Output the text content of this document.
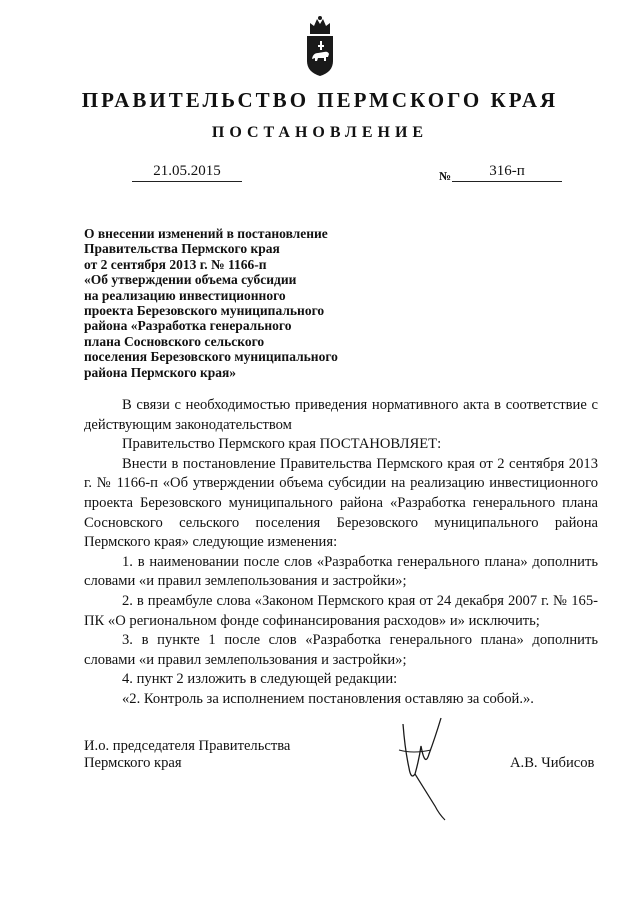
ПРАВИТЕЛЬСТВО ПЕРМСКОГО КРАЯ
ПОСТАНОВЛЕНИЕ
21.05.2015	№	316-п
О внесении изменений в постановление
Правительства Пермского края
от 2 сентября 2013 г. № 1166-п
«Об утверждении объема субсидии
на реализацию инвестиционного
проекта Березовского муниципального
района «Разработка генерального
плана Сосновского сельского
поселения Березовского муниципального
района Пермского края»

В связи с необходимостью приведения нормативного акта в соответствие с действующим законодательством

Правительство Пермского края ПОСТАНОВЛЯЕТ:

Внести в постановление Правительства Пермского края от 2 сентября 2013 г. № 1166-п «Об утверждении объема субсидии на реализацию инвестиционного проекта Березовского муниципального района «Разработка генерального плана Сосновского сельского поселения Березовского муниципального района Пермского края» следующие изменения:

1. в наименовании после слов «Разработка генерального плана» дополнить словами «и правил землепользования и застройки»;

2. в преамбуле слова «Законом Пермского края от 24 декабря 2007 г. № 165-ПК «О региональном фонде софинансирования расходов» и» исключить;

3. в пункте 1 после слов «Разработка генерального плана» дополнить словами «и правил землепользования и застройки»;

4. пункт 2 изложить в следующей редакции:

«2. Контроль за исполнением постановления оставляю за собой.».

И.о. председателя Правительства
Пермского края	А.В. Чибисов
